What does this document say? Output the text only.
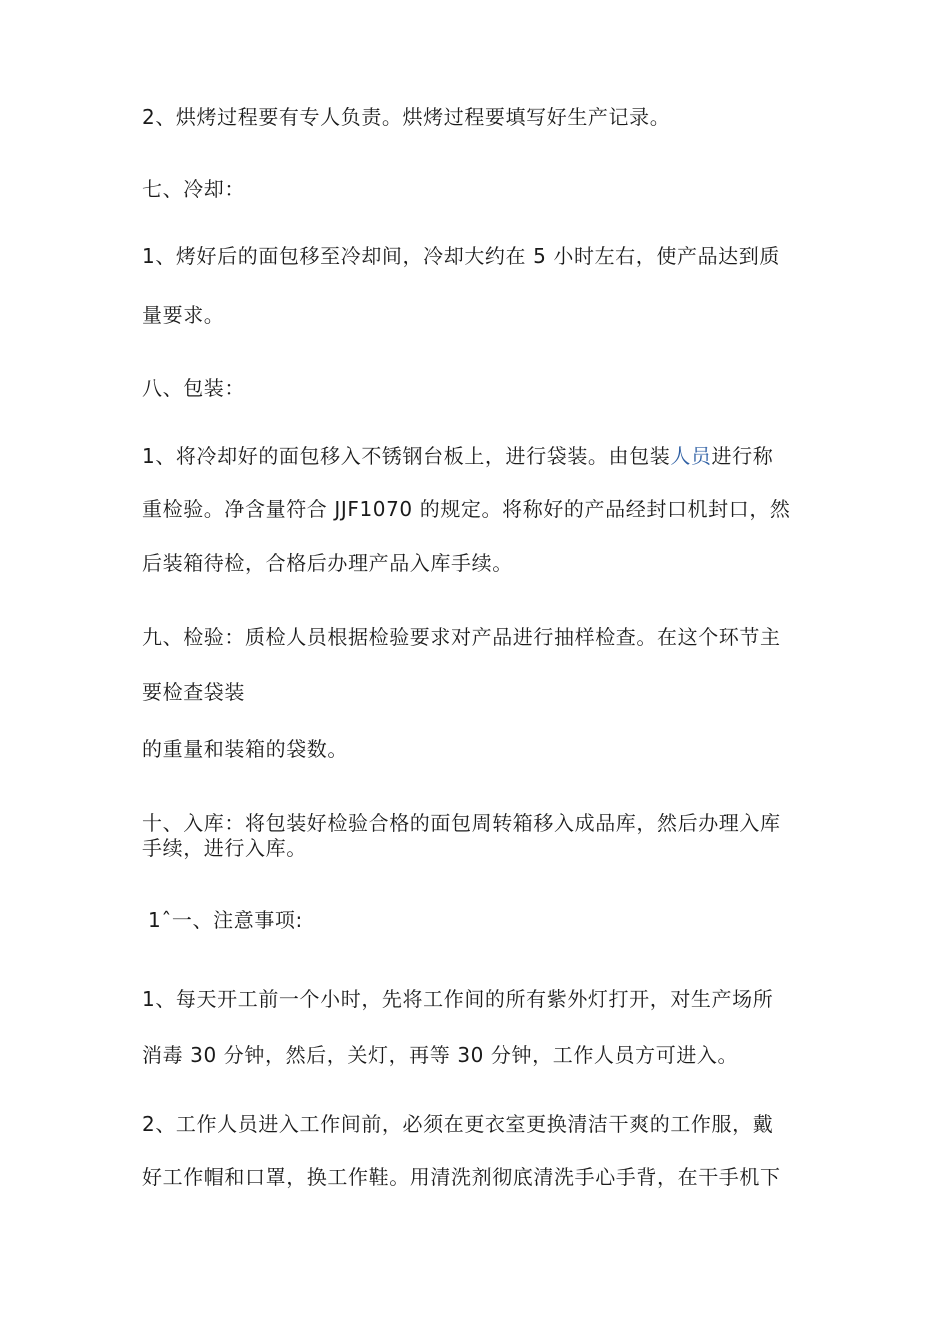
2、烘烤过程要有专人负责。烘烤过程要填写好生产记录。
七、冷却：
1、烤好后的面包移至冷却间，冷却大约在 5 小时左右，使产品达到质
量要求。
八、包装：
1、将冷却好的面包移入不锈钢台板上，进行袋装。由包装人员进行称
重检验。净含量符合 JJF1070 的规定。将称好的产品经封口机封口，然
后装箱待检，合格后办理产品入库手续。
九、检验：质检人员根据检验要求对产品进行抽样检查。在这个环节主
要检查袋装
的重量和装箱的袋数。
十、入库：将包装好检验合格的面包周转箱移入成品库，然后办理入库
手续，进行入库。
1ˆ一、注意事项:
1、每天开工前一个小时，先将工作间的所有紫外灯打开，对生产场所
消毒 30 分钟，然后，关灯，再等 30 分钟，工作人员方可进入。
2、工作人员进入工作间前，必须在更衣室更换清洁干爽的工作服，戴
好工作帽和口罩，换工作鞋。用清洗剂彻底清洗手心手背，在干手机下
